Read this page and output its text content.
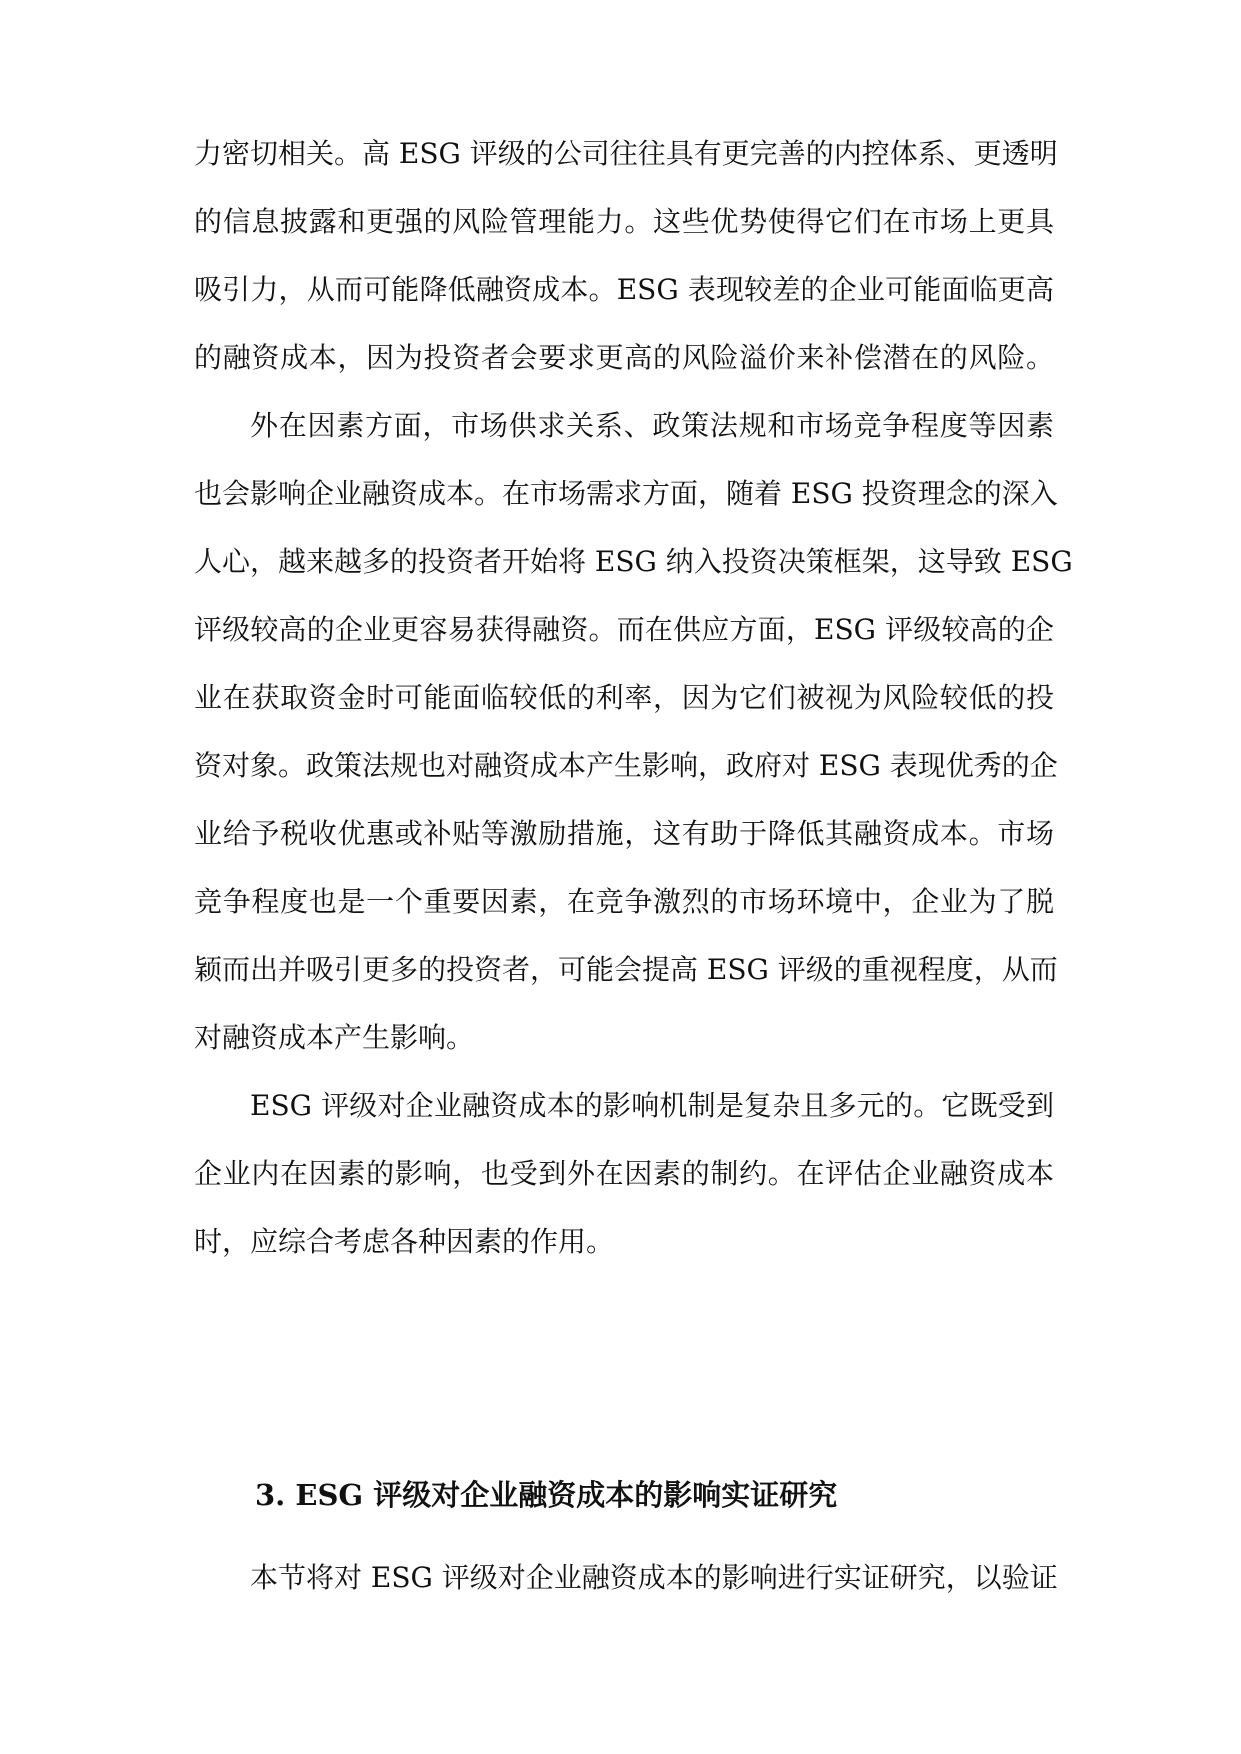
力密切相关。高 ESG 评级的公司往往具有更完善的内控体系、更透明
的信息披露和更强的风险管理能力。这些优势使得它们在市场上更具
吸引力，从而可能降低融资成本。ESG 表现较差的企业可能面临更高
的融资成本，因为投资者会要求更高的风险溢价来补偿潜在的风险。
外在因素方面，市场供求关系、政策法规和市场竞争程度等因素
也会影响企业融资成本。在市场需求方面，随着 ESG 投资理念的深入
人心，越来越多的投资者开始将 ESG 纳入投资决策框架，这导致 ESG
评级较高的企业更容易获得融资。而在供应方面，ESG 评级较高的企
业在获取资金时可能面临较低的利率，因为它们被视为风险较低的投
资对象。政策法规也对融资成本产生影响，政府对 ESG 表现优秀的企
业给予税收优惠或补贴等激励措施，这有助于降低其融资成本。市场
竞争程度也是一个重要因素，在竞争激烈的市场环境中，企业为了脱
颖而出并吸引更多的投资者，可能会提高 ESG 评级的重视程度，从而
对融资成本产生影响。
ESG 评级对企业融资成本的影响机制是复杂且多元的。它既受到
企业内在因素的影响，也受到外在因素的制约。在评估企业融资成本
时，应综合考虑各种因素的作用。
3. ESG 评级对企业融资成本的影响实证研究
本节将对 ESG 评级对企业融资成本的影响进行实证研究，以验证
